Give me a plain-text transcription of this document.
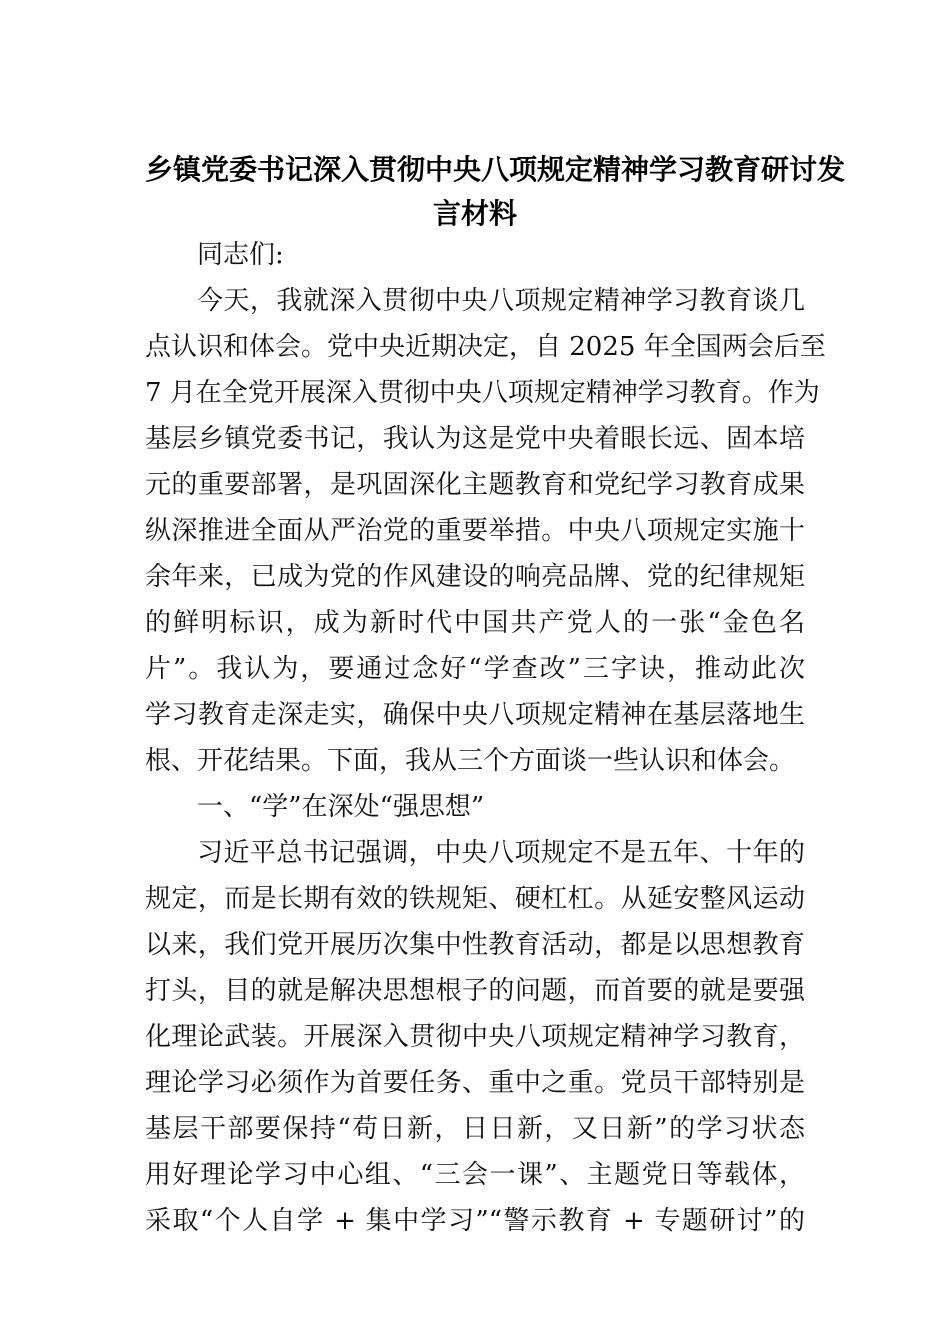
乡镇党委书记深入贯彻中央八项规定精神学习教育研讨发
言材料
同志们:
今天，我就深入贯彻中央八项规定精神学习教育谈几
点认识和体会。党中央近期决定，自 2025 年全国两会后至
7 月在全党开展深入贯彻中央八项规定精神学习教育。作为
基层乡镇党委书记，我认为这是党中央着眼长远、固本培
元的重要部署，是巩固深化主题教育和党纪学习教育成果
纵深推进全面从严治党的重要举措。中央八项规定实施十
余年来，已成为党的作风建设的响亮品牌、党的纪律规矩
的鲜明标识，成为新时代中国共产党人的一张“金色名
片”。我认为，要通过念好“学查改”三字诀，推动此次
学习教育走深走实，确保中央八项规定精神在基层落地生
根、开花结果。下面，我从三个方面谈一些认识和体会。
一、“学”在深处“强思想”
习近平总书记强调，中央八项规定不是五年、十年的
规定，而是长期有效的铁规矩、硬杠杠。从延安整风运动
以来，我们党开展历次集中性教育活动，都是以思想教育
打头，目的就是解决思想根子的问题，而首要的就是要强
化理论武装。开展深入贯彻中央八项规定精神学习教育，
理论学习必须作为首要任务、重中之重。党员干部特别是
基层干部要保持“苟日新，日日新，又日新”的学习状态
用好理论学习中心组、“三会一课”、主题党日等载体，
采取“个人自学 + 集中学习”“警示教育 + 专题研讨”的
